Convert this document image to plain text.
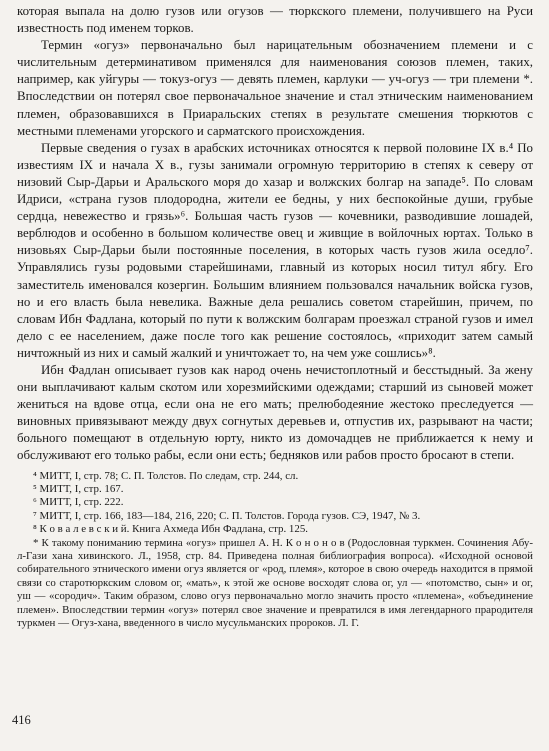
которая выпала на долю гузов или огузов — тюркского племени, получившего на Руси известность под именем торков.

Термин «огуз» первоначально был нарицательным обозначением племени и с числительным детерминативом применялся для наименования союзов племен, таких, например, как уйгуры — токуз-огуз — девять племен, карлуки — уч-огуз — три племени *. Впоследствии он потерял свое первоначальное значение и стал этническим наименованием племен, образовавшихся в Приаральских степях в результате смешения тюркютов с местными племенами угорского и сарматского происхождения.

Первые сведения о гузах в арабских источниках относятся к первой половине IX в.⁴ По известиям IX и начала X в., гузы занимали огромную территорию в степях к северу от низовий Сыр-Дарьи и Аральского моря до хазар и волжских болгар на западе⁵. По словам Идриси, «страна гузов плодородна, жители ее бедны, у них беспокойные души, грубые сердца, невежество и грязь»⁶. Большая часть гузов — кочевники, разводившие лошадей, верблюдов и особенно в большом количестве овец и живщие в войлочных юртах. Только в низовьях Сыр-Дарьи были постоянные поселения, в которых часть гузов жила оседло⁷. Управлялись гузы родовыми старейшинами, главный из которых носил титул ябгу. Его заместитель именовался козергин. Большим влиянием пользовался начальник войска гузов, но и его власть была невелика. Важные дела решались советом старейшин, причем, по словам Ибн Фадлана, который по пути к волжским болгарам проезжал страной гузов и имел дело с ее населением, даже после того как решение состоялось, «приходит затем самый ничтожный из них и самый жалкий и уничтожает то, на чем уже сошлись»⁸.

Ибн Фадлан описывает гузов как народ очень нечистоплотный и бесстыдный. За жену они выплачивают калым скотом или хорезмийскими одеждами; старший из сыновей может жениться на вдове отца, если она не его мать; прелюбодеяние жестоко преследуется — виновных привязывают между двух согнутых деревьев и, отпустив их, разрывают на части; больного помещают в отдельную юрту, никто из домочадцев не приближается к нему и обслуживают его только рабы, если они есть; бедняков или рабов просто бросают в степи.

⁴ МИТТ, I, стр. 78; С. П. Толстов. По следам, стр. 244, сл.

⁵ МИТТ, I, стр. 167.

⁶ МИТТ, I, стр. 222.

⁷ МИТТ, I, стр. 166, 183—184, 216, 220; С. П. Толстов. Города гузов. СЭ, 1947, № 3.

⁸ К о в а л е в с к и й. Книга Ахмеда Ибн Фадлана, стр. 125.

* К такому пониманию термина «огуз» пришел А. Н. К о н о н о в (Родословная туркмен. Сочинения Абу-л-Гази хана хивинского. Л., 1958, стр. 84. Приведена полная библиография вопроса). «Исходной основой собирательного этнического имени огуз является ог «род, племя», которое в свою очередь находится в прямой связи со старотюркским словом ог, «мать», к этой же основе восходят слова ог, ул — «потомство, сын» и ог, уш — «сородич». Таким образом, слово огуз первоначально могло значить просто «племена», «объединение племен». Впоследствии термин «огуз» потерял свое значение и превратился в имя легендарного прародителя туркмен — Огуз-хана, введенного в число мусульманских пророков. Л. Г.

416
